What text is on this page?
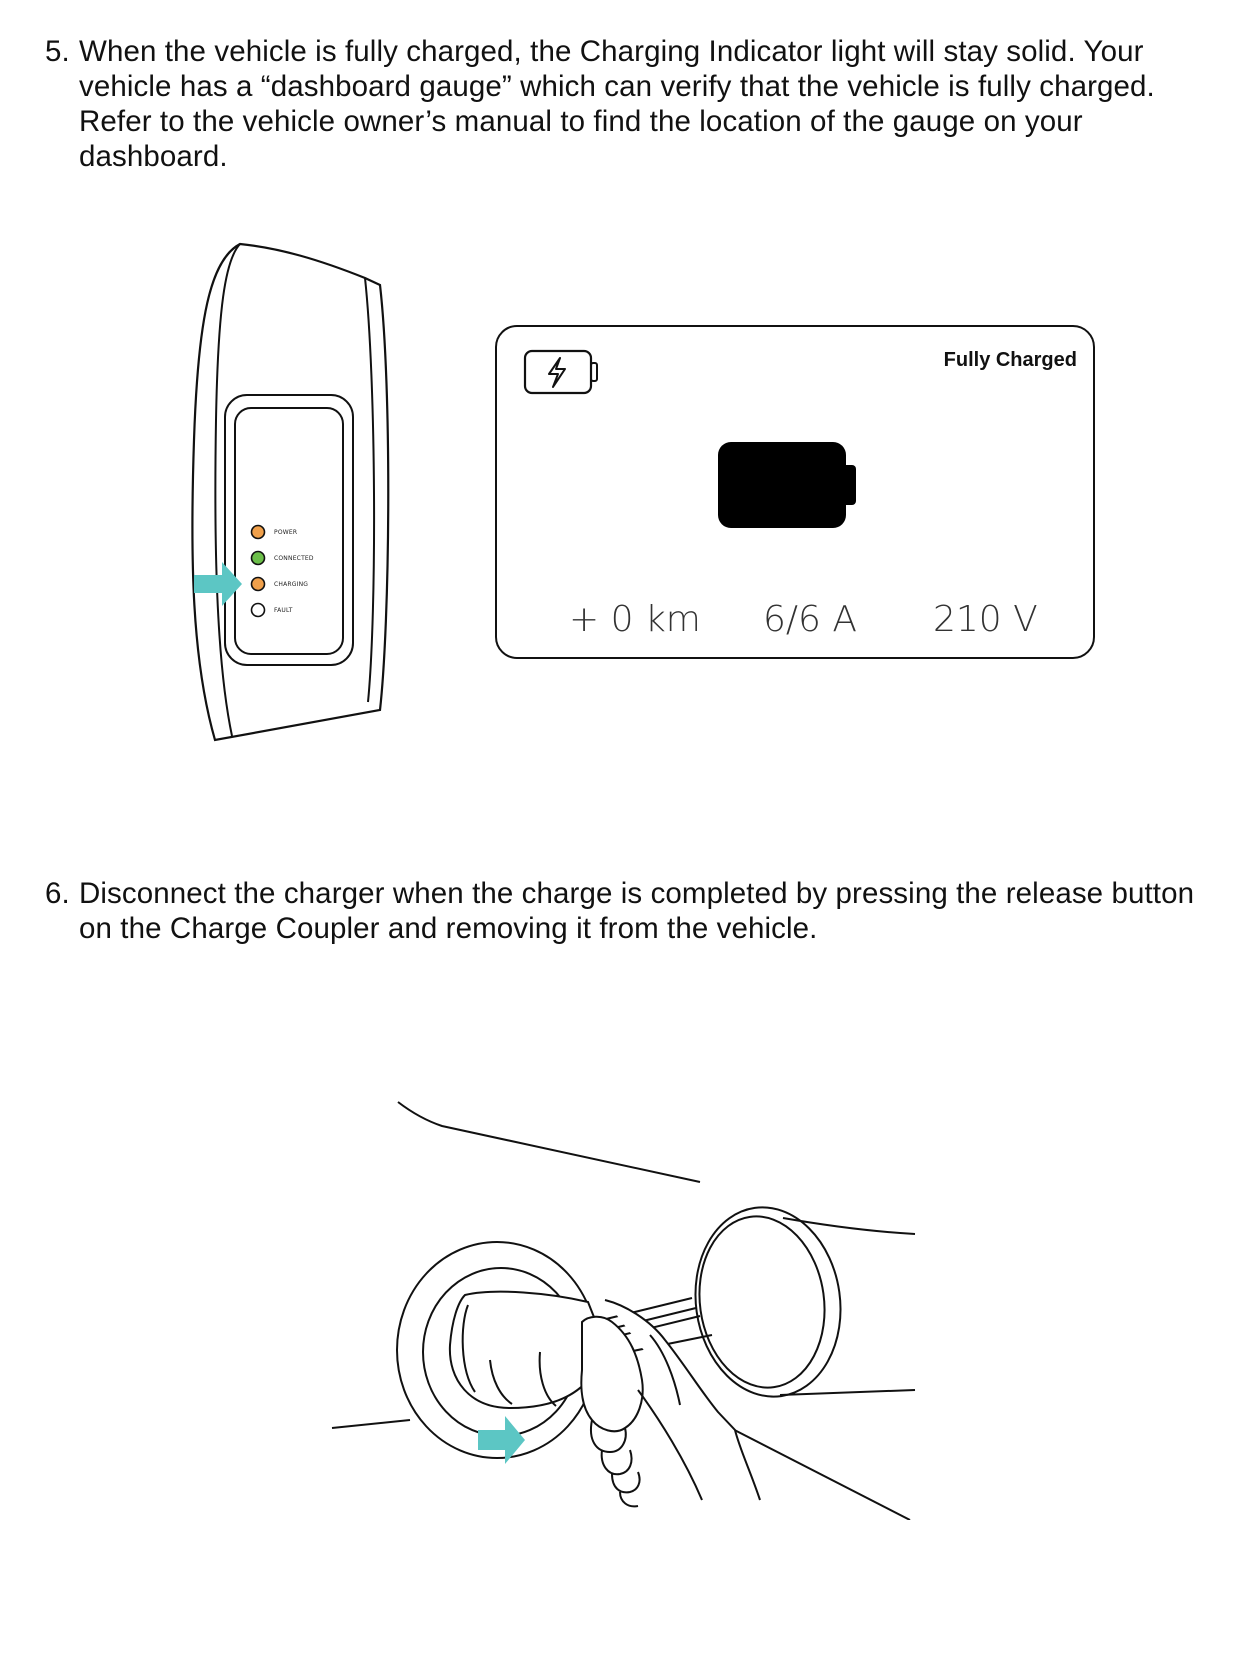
5. When the vehicle is fully charged, the Charging Indicator light will stay solid. Your vehicle has a “dashboard gauge” which can verify that the vehicle is fully charged. Refer to the vehicle owner’s manual to find the location of the gauge on your dashboard.
POWER
CONNECTED
CHARGING
FAULT
Fully Charged
+ 0 km 6/6 A 210 V
6. Disconnect the charger when the charge is completed by pressing the release button on the Charge Coupler and removing it from the vehicle.
